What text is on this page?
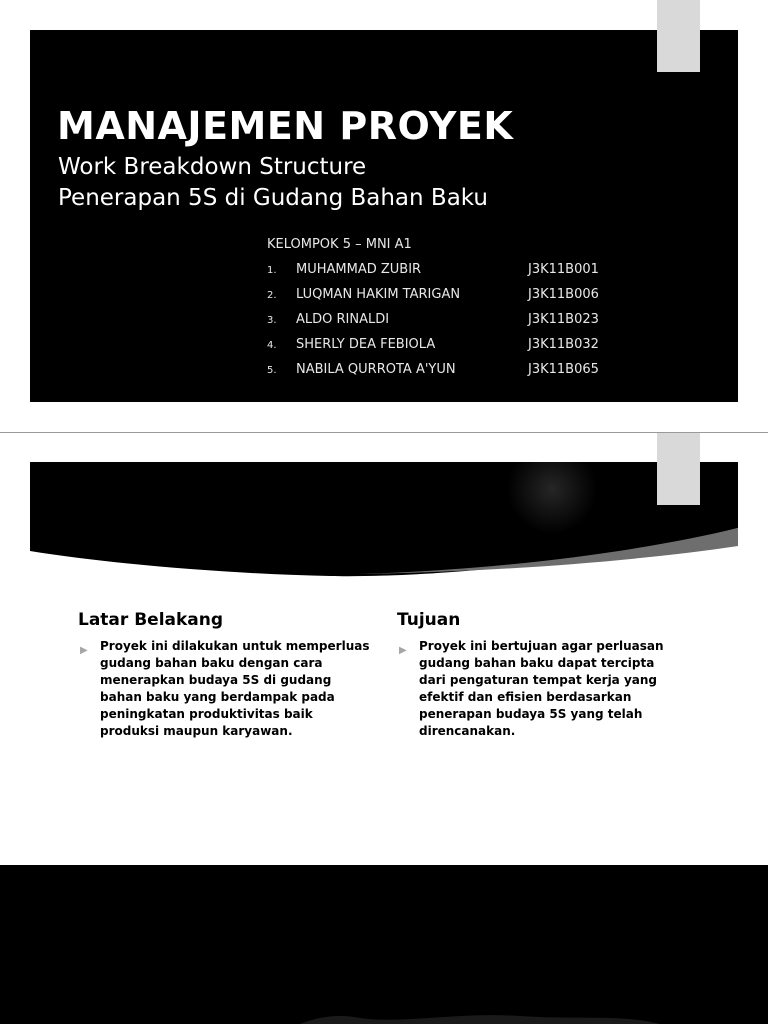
MANAJEMEN PROYEK
Work Breakdown Structure
Penerapan 5S di Gudang Bahan Baku
KELOMPOK 5 – MNI A1
1. MUHAMMAD ZUBIR	J3K11B001
2. LUQMAN HAKIM TARIGAN	J3K11B006
3. ALDO RINALDI	J3K11B023
4. SHERLY DEA FEBIOLA	J3K11B032
5. NABILA QURROTA A'YUN	J3K11B065
Latar Belakang
▶ Proyek ini dilakukan untuk memperluas gudang bahan baku dengan cara menerapkan budaya 5S di gudang bahan baku yang berdampak pada peningkatan produktivitas baik produksi maupun karyawan.
Tujuan
▶ Proyek ini bertujuan agar perluasan gudang bahan baku dapat tercipta dari pengaturan tempat kerja yang efektif dan efisien berdasarkan penerapan budaya 5S yang telah direncanakan.
